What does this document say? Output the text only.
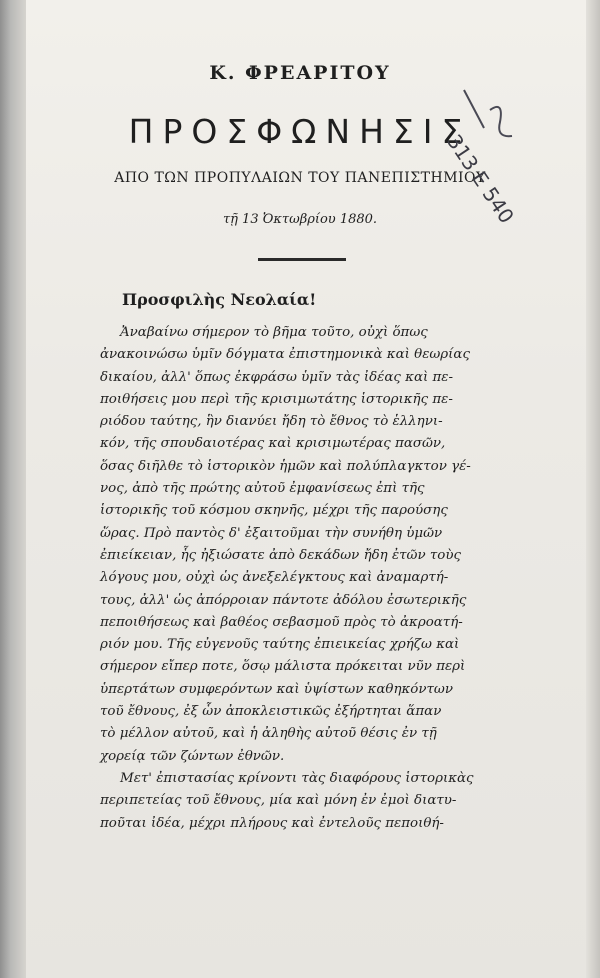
Κ. ΦΡΕΑΡΙΤΟΥ
ΠΡΟΣΦΩΝΗΣΙΣ
ΑΠΟ ΤΩΝ ΠΡΟΠΥΛΑΙΩΝ ΤΟΥ ΠΑΝΕΠΙΣΤΗΜΙΟΥ
τῇ 13 Ὀκτωβρίου 1880.	313 Ε 540
Προσφιλὴς Νεολαία!
Ἀναβαίνω σήμερον τὸ βῆμα τοῦτο, οὐχὶ ὅπως
ἀνακοινώσω ὑμῖν δόγματα ἐπιστημονικὰ καὶ θεωρίας
δικαίου, ἀλλ' ὅπως ἐκφράσω ὑμῖν τὰς ἰδέας καὶ πε-
ποιθήσεις μου περὶ τῆς κρισιμωτάτης ἱστορικῆς πε-
ριόδου ταύτης, ἣν διανύει ἤδη τὸ ἔθνος τὸ ἑλληνι-
κόν, τῆς σπουδαιοτέρας καὶ κρισιμωτέρας πασῶν,
ὅσας διῆλθε τὸ ἱστορικὸν ἡμῶν καὶ πολύπλαγκτον γέ-
νος, ἀπὸ τῆς πρώτης αὐτοῦ ἐμφανίσεως ἐπὶ τῆς
ἱστορικῆς τοῦ κόσμου σκηνῆς, μέχρι τῆς παρούσης
ὥρας. Πρὸ παντὸς δ' ἐξαιτοῦμαι τὴν συνήθη ὑμῶν
ἐπιείκειαν, ἧς ἠξιώσατε ἀπὸ δεκάδων ἤδη ἐτῶν τοὺς
λόγους μου, οὐχὶ ὡς ἀνεξελέγκτους καὶ ἀναμαρτή-
τους, ἀλλ' ὡς ἀπόρροιαν πάντοτε ἀδόλου ἐσωτερικῆς
πεποιθήσεως καὶ βαθέος σεβασμοῦ πρὸς τὸ ἀκροατή-
ριόν μου. Τῆς εὐγενοῦς ταύτης ἐπιεικείας χρήζω καὶ
σήμερον εἴπερ ποτε, ὅσῳ μάλιστα πρόκειται νῦν περὶ
ὑπερτάτων συμφερόντων καὶ ὑψίστων καθηκόντων
τοῦ ἔθνους, ἐξ ὧν ἀποκλειστικῶς ἐξήρτηται ἅπαν
τὸ μέλλον αὐτοῦ, καὶ ἡ ἀληθὴς αὐτοῦ θέσις ἐν τῇ
χορείᾳ τῶν ζώντων ἐθνῶν.
Μετ' ἐπιστασίας κρίνοντι τὰς διαφόρους ἱστορικὰς
περιπετείας τοῦ ἔθνους, μία καὶ μόνη ἐν ἐμοὶ διατυ-
ποῦται ἰδέα, μέχρι πλήρους καὶ ἐντελοῦς πεποιθή-
